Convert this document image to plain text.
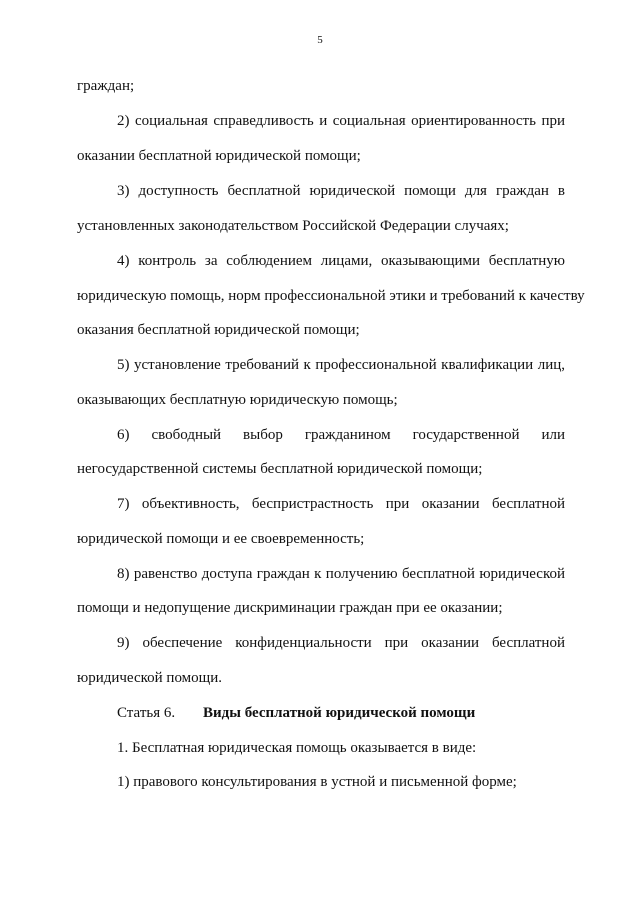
5
граждан;
2) социальная справедливость и социальная ориентированность при
оказании бесплатной юридической помощи;
3) доступность бесплатной юридической помощи для граждан в
установленных законодательством Российской Федерации случаях;
4) контроль за соблюдением лицами, оказывающими бесплатную
юридическую помощь, норм профессиональной этики и требований к качеству
оказания бесплатной юридической помощи;
5) установление требований к профессиональной квалификации лиц,
оказывающих бесплатную юридическую помощь;
6) свободный выбор гражданином государственной или
негосударственной системы бесплатной юридической помощи;
7) объективность, беспристрастность при оказании бесплатной
юридической помощи и ее своевременность;
8) равенство доступа граждан к получению бесплатной юридической
помощи и недопущение дискриминации граждан при ее оказании;
9) обеспечение конфиденциальности при оказании бесплатной
юридической помощи.
Статья 6. Виды бесплатной юридической помощи
1. Бесплатная юридическая помощь оказывается в виде:
1) правового консультирования в устной и письменной форме;
